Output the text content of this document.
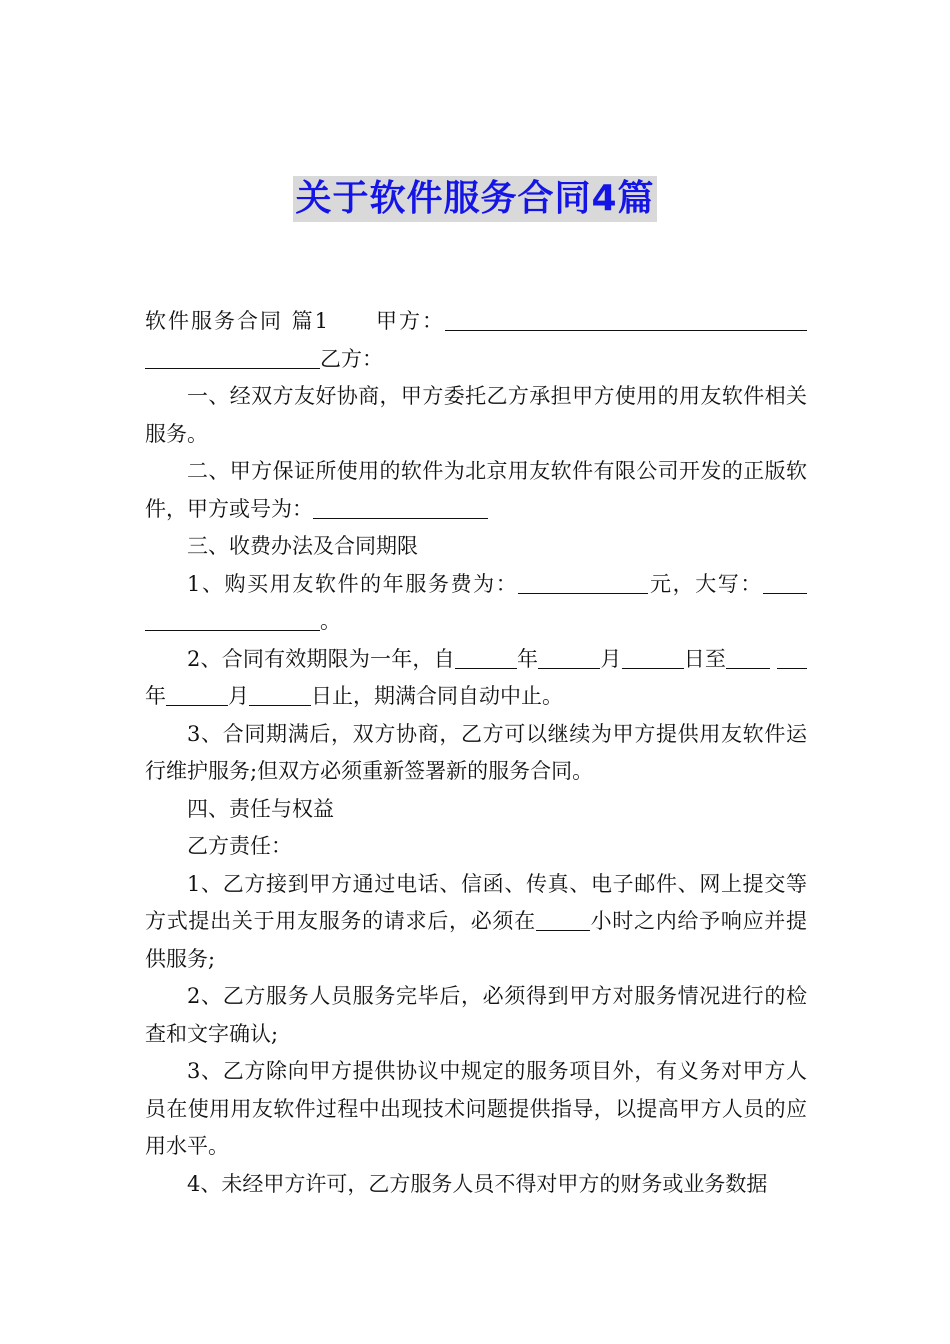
关于软件服务合同4篇

软件服务合同 篇1 甲方： 乙方：

一、经双方友好协商，甲方委托乙方承担甲方使用的用友软件相关服务。

二、甲方保证所使用的软件为北京用友软件有限公司开发的正版软件，甲方或号为：

三、收费办法及合同期限

1、购买用友软件的年服务费为：	元，大写： 。

2、合同有效期限为一年，自	年	月	日至 年	月	日止，期满合同自动中止。

3、合同期满后，双方协商，乙方可以继续为甲方提供用友软件运行维护服务;但双方必须重新签署新的服务合同。

四、责任与权益

乙方责任：

1、乙方接到甲方通过电话、信函、传真、电子邮件、网上提交等方式提出关于用友服务的请求后，必须在	小时之内给予响应并提供服务;

2、乙方服务人员服务完毕后，必须得到甲方对服务情况进行的检查和文字确认;

3、乙方除向甲方提供协议中规定的服务项目外，有义务对甲方人员在使用用友软件过程中出现技术问题提供指导，以提高甲方人员的应用水平。

4、未经甲方许可，乙方服务人员不得对甲方的财务或业务数据
